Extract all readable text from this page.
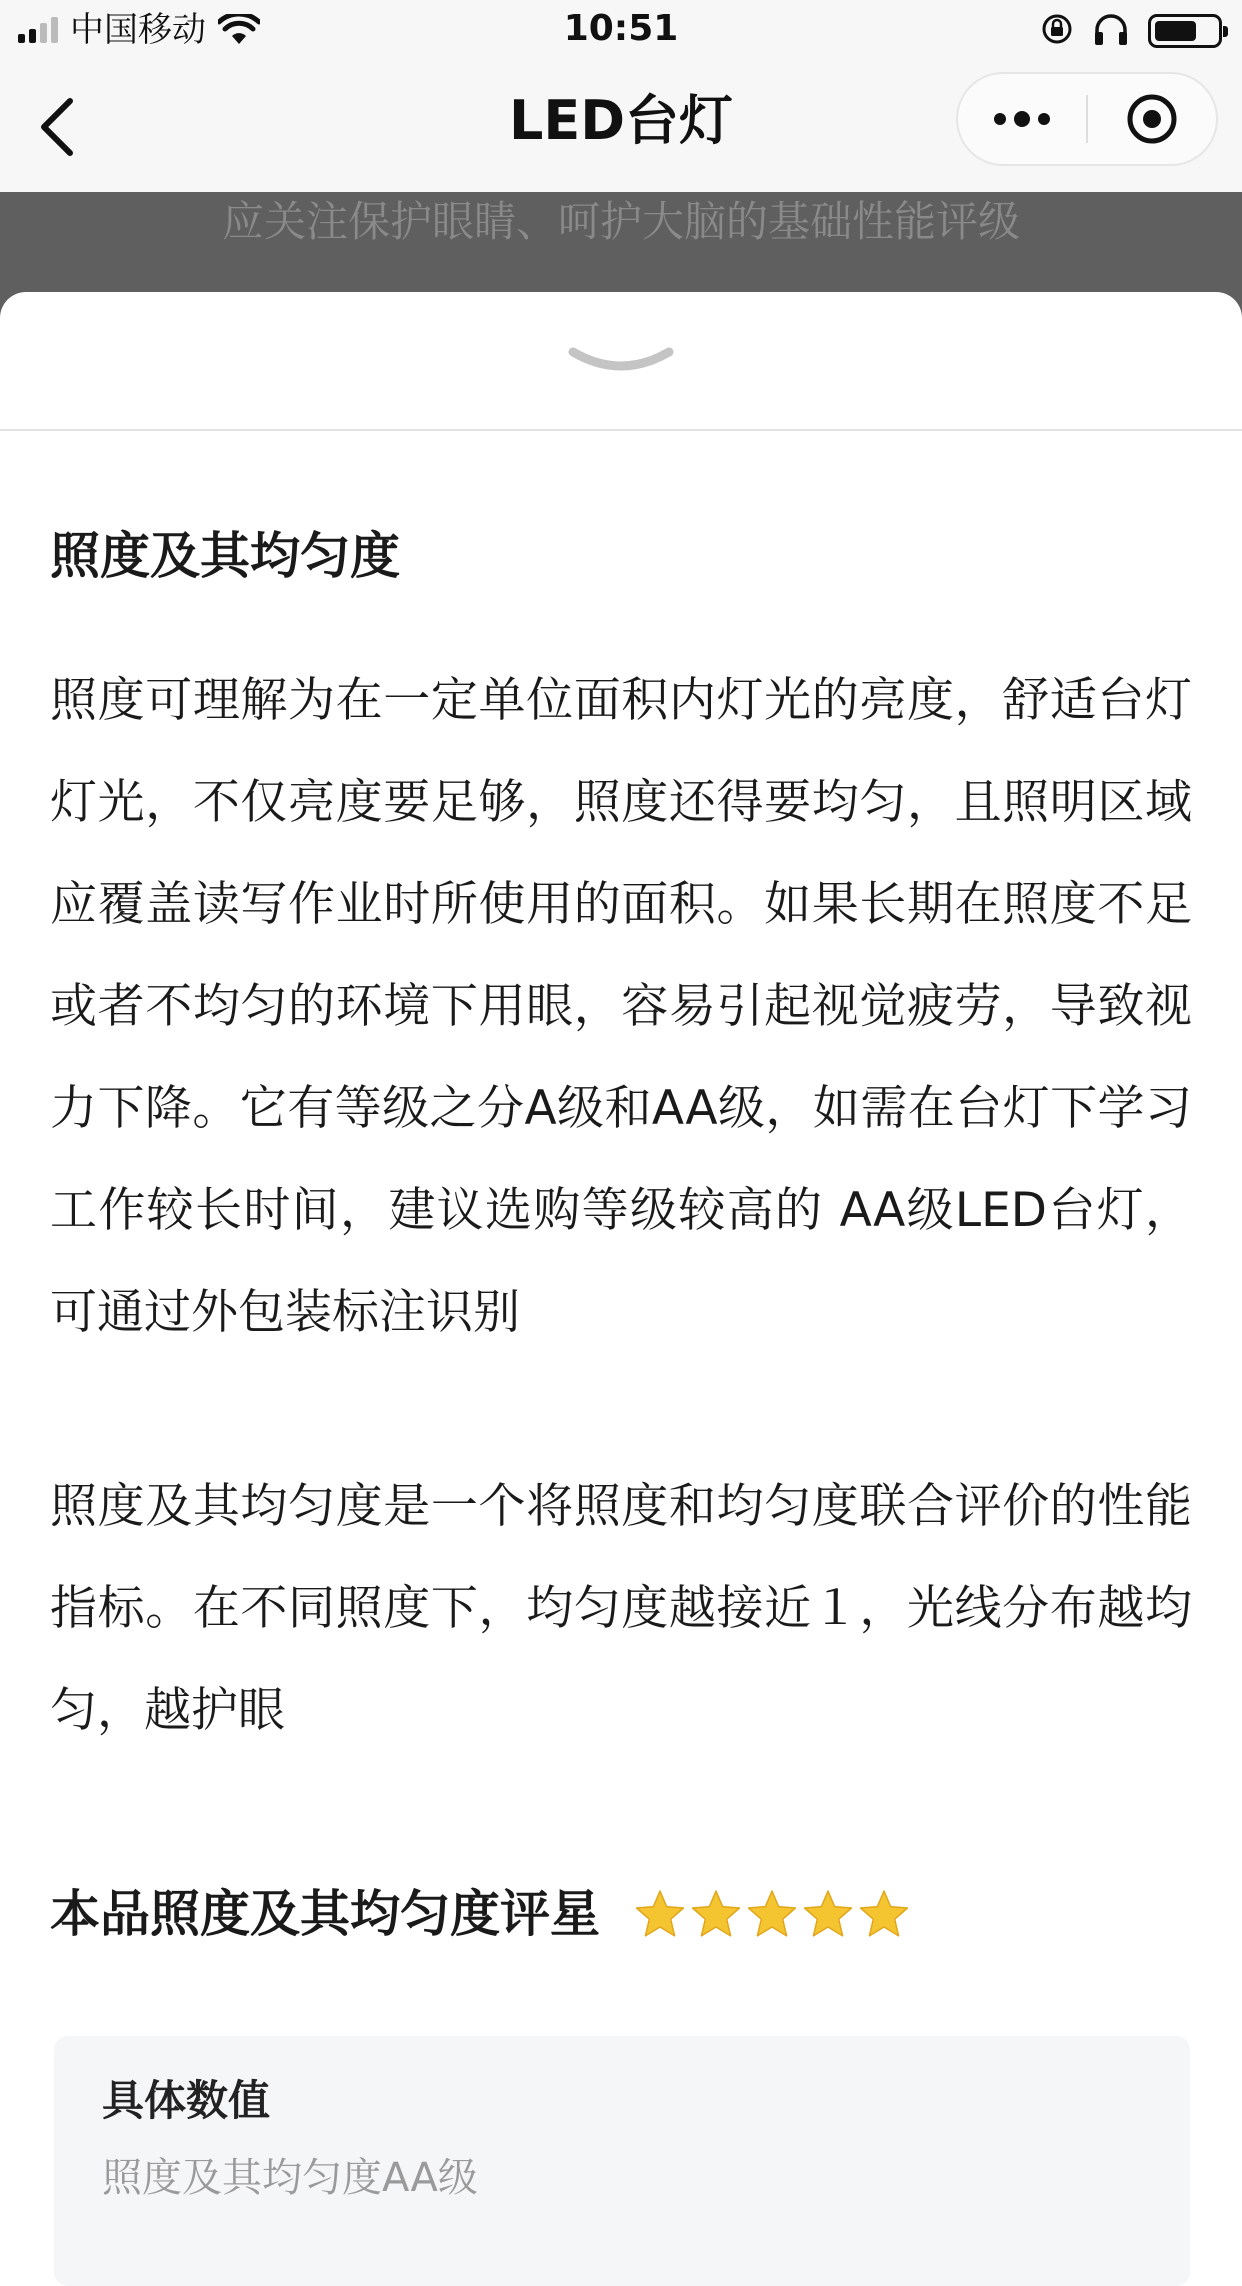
中国移动	10:51
LED台灯
应关注保护眼睛、呵护大脑的基础性能评级
照度及其均匀度

照度可理解为在一定单位面积内灯光的亮度，舒适台灯灯光，不仅亮度要足够，照度还得要均匀，且照明区域应覆盖读写作业时所使用的面积。如果长期在照度不足或者不均匀的环境下用眼，容易引起视觉疲劳，导致视力下降。它有等级之分A级和AA级，如需在台灯下学习工作较长时间，建议选购等级较高的 AA级LED台灯，可通过外包装标注识别

照度及其均匀度是一个将照度和均匀度联合评价的性能指标。在不同照度下，均匀度越接近１，光线分布越均匀，越护眼

本品照度及其均匀度评星
具体数值
照度及其均匀度AA级
